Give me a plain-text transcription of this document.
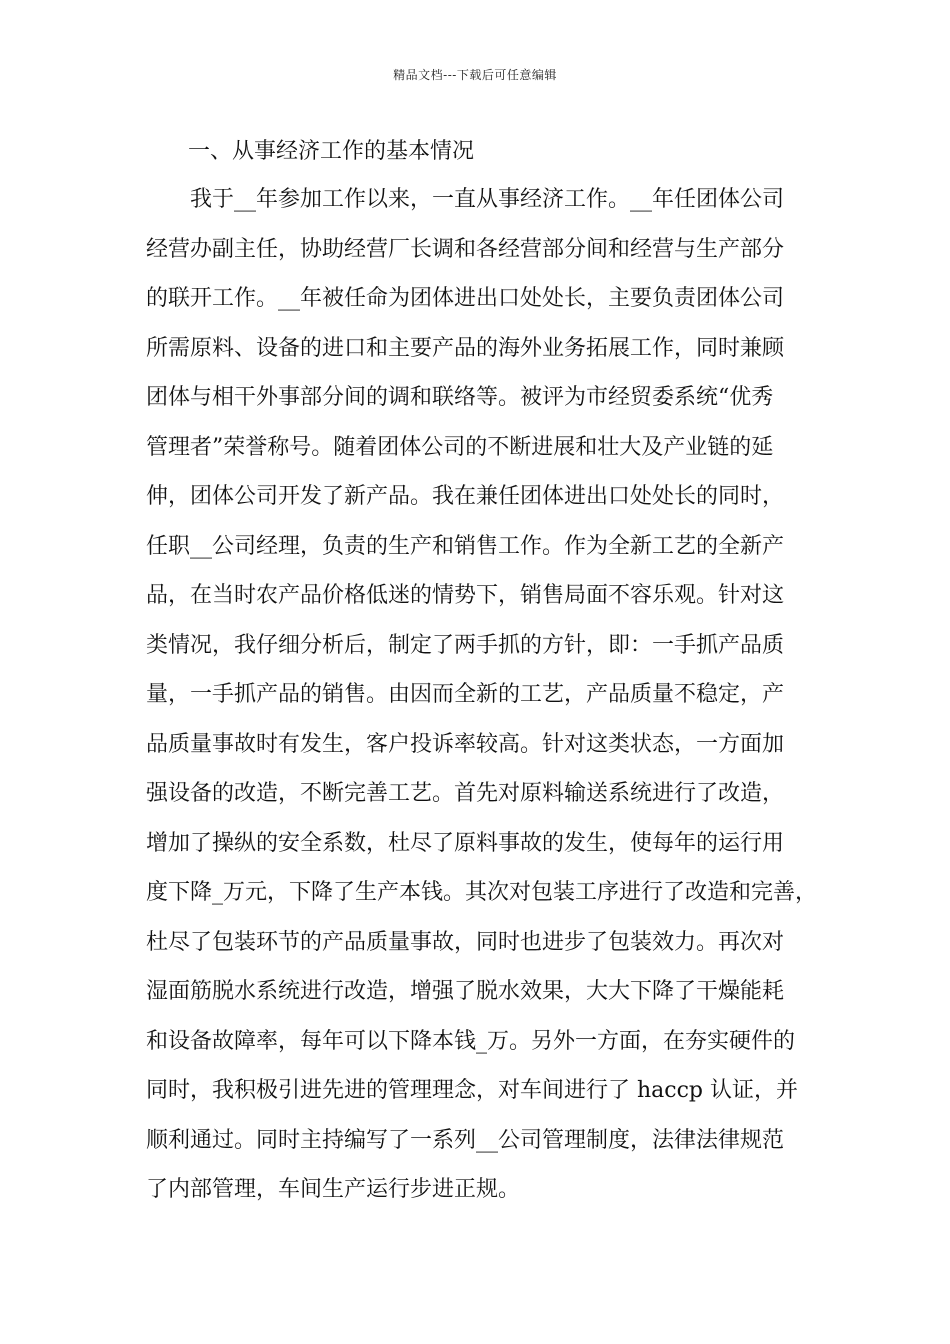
精品文档---下载后可任意编辑
一、从事经济工作的基本情况
我于__年参加工作以来，一直从事经济工作。__年任团体公司
经营办副主任，协助经营厂长调和各经营部分间和经营与生产部分
的联开工作。__年被任命为团体进出口处处长，主要负责团体公司
所需原料、设备的进口和主要产品的海外业务拓展工作，同时兼顾
团体与相干外事部分间的调和联络等。被评为市经贸委系统“优秀
管理者”荣誉称号。随着团体公司的不断进展和壮大及产业链的延
伸，团体公司开发了新产品。我在兼任团体进出口处处长的同时，
任职__公司经理，负责的生产和销售工作。作为全新工艺的全新产
品，在当时农产品价格低迷的情势下，销售局面不容乐观。针对这
类情况，我仔细分析后，制定了两手抓的方针，即：一手抓产品质
量，一手抓产品的销售。由因而全新的工艺，产品质量不稳定，产
品质量事故时有发生，客户投诉率较高。针对这类状态，一方面加
强设备的改造，不断完善工艺。首先对原料输送系统进行了改造，
增加了操纵的安全系数，杜尽了原料事故的发生，使每年的运行用
度下降_万元，下降了生产本钱。其次对包装工序进行了改造和完善，
杜尽了包装环节的产品质量事故，同时也进步了包装效力。再次对
湿面筋脱水系统进行改造，增强了脱水效果，大大下降了干燥能耗
和设备故障率，每年可以下降本钱_万。另外一方面，在夯实硬件的
同时，我积极引进先进的管理理念，对车间进行了 haccp 认证，并
顺利通过。同时主持编写了一系列__公司管理制度，法律法律规范
了内部管理，车间生产运行步进正规。
